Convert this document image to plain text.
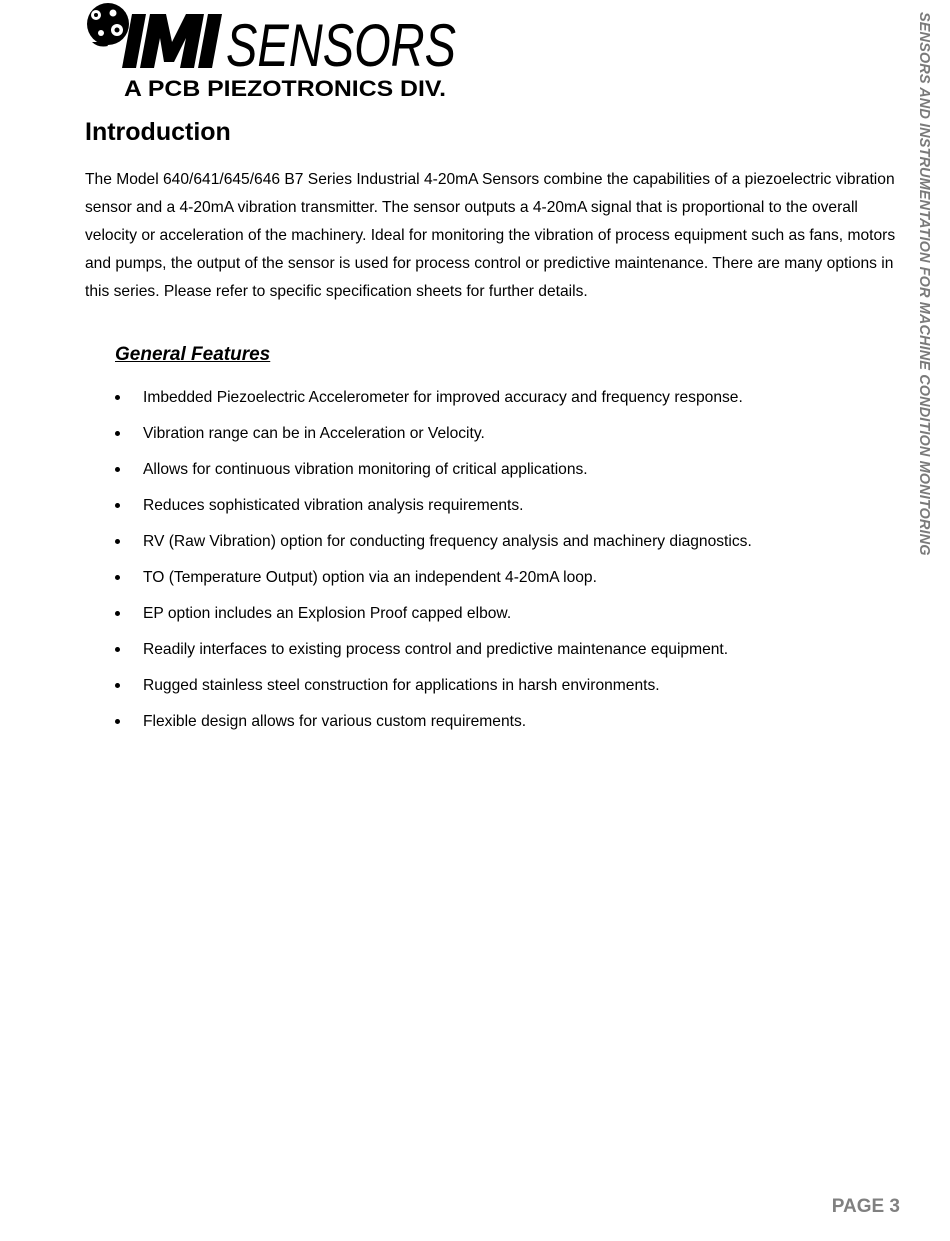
SENSORS
A PCB PIEZOTRONICS DIV.	SENSORS AND INSTRUMENTATION FOR MACHINE CONDITION MONITORING
Introduction

The Model 640/641/645/646 B7 Series Industrial 4-20mA Sensors combine the capabilities of a piezoelectric vibration sensor and a 4-20mA vibration transmitter. The sensor outputs a 4-20mA signal that is proportional to the overall velocity or acceleration of the machinery. Ideal for monitoring the vibration of process equipment such as fans, motors and pumps, the output of the sensor is used for process control or predictive maintenance. There are many options in this series. Please refer to specific specification sheets for further details.

General Features
Imbedded Piezoelectric Accelerometer for improved accuracy and frequency response.
Vibration range can be in Acceleration or Velocity.
Allows for continuous vibration monitoring of critical applications.
Reduces sophisticated vibration analysis requirements.
RV (Raw Vibration) option for conducting frequency analysis and machinery diagnostics.
TO (Temperature Output) option via an independent 4-20mA loop.
EP option includes an Explosion Proof capped elbow.
Readily interfaces to existing process control and predictive maintenance equipment.
Rugged stainless steel construction for applications in harsh environments.
Flexible design allows for various custom requirements.
PAGE 3
